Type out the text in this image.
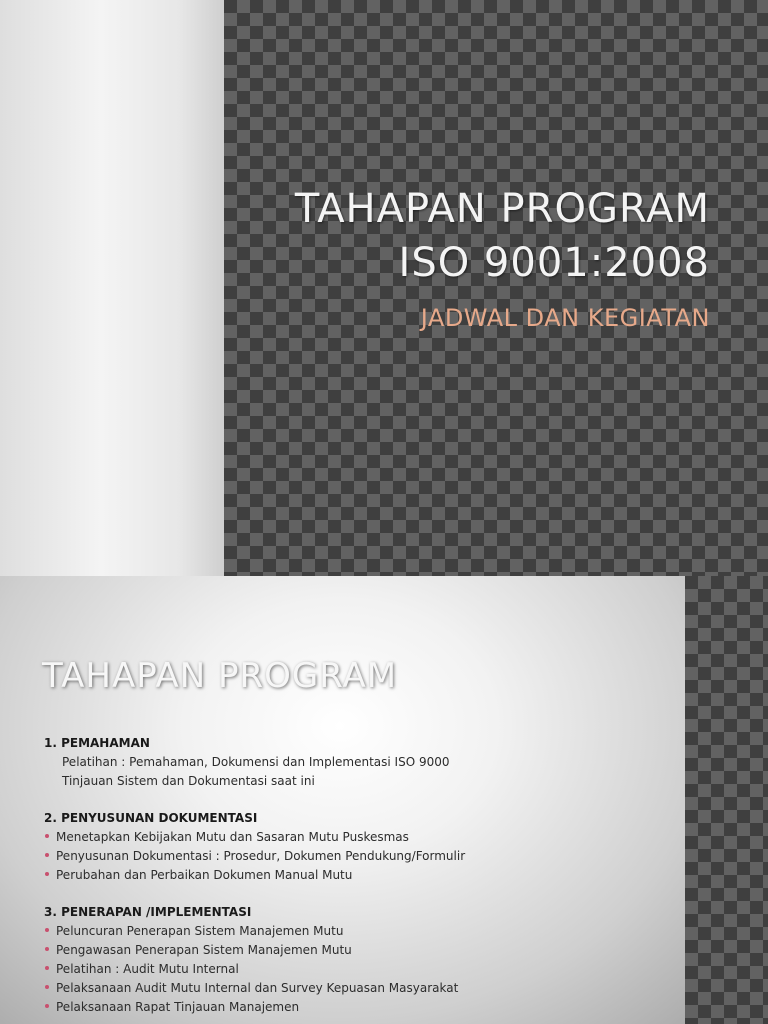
TAHAPAN PROGRAM
ISO 9001:2008
JADWAL DAN KEGIATAN
TAHAPAN PROGRAM
1. PEMAHAMAN
Pelatihan : Pemahaman, Dokumensi dan Implementasi ISO 9000
Tinjauan Sistem dan Dokumentasi saat ini
2. PENYUSUNAN DOKUMENTASI
Menetapkan Kebijakan Mutu dan Sasaran Mutu Puskesmas
Penyusunan Dokumentasi : Prosedur, Dokumen Pendukung/Formulir
Perubahan dan Perbaikan Dokumen Manual Mutu
3. PENERAPAN /IMPLEMENTASI
Peluncuran Penerapan Sistem Manajemen Mutu
Pengawasan Penerapan Sistem Manajemen Mutu
Pelatihan : Audit Mutu Internal
Pelaksanaan Audit Mutu Internal dan Survey Kepuasan Masyarakat
Pelaksanaan Rapat Tinjauan Manajemen
